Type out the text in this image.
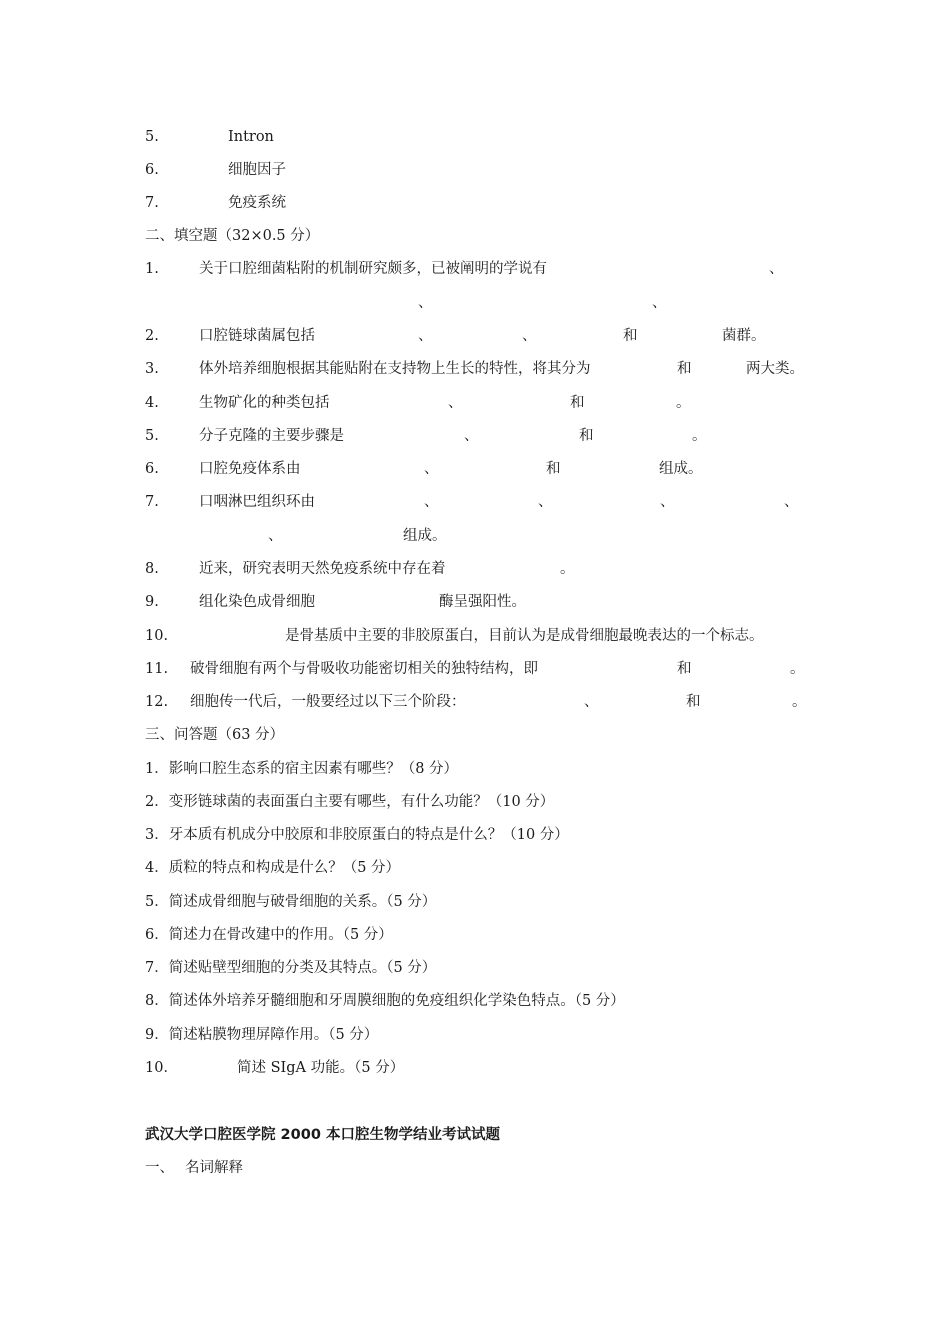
5.	Intron
6.	细胞因子
7.	免疫系统
二、填空题（32×0.5 分）
1.	关于口腔细菌粘附的机制研究颇多，已被阐明的学说有	、
、	、
2.	口腔链球菌属包括	、	、	和	菌群。
3.	体外培养细胞根据其能贴附在支持物上生长的特性，将其分为	和	两大类。
4.	生物矿化的种类包括	、	和	。
5.	分子克隆的主要步骤是	、	和	。
6.	口腔免疫体系由	、	和	组成。
7.	口咽淋巴组织环由	、	、	、	、
、	组成。
8.	近来，研究表明天然免疫系统中存在着	。
9.	组化染色成骨细胞	酶呈强阳性。
10.	是骨基质中主要的非胶原蛋白，目前认为是成骨细胞最晚表达的一个标志。
11. 破骨细胞有两个与骨吸收功能密切相关的独特结构，即	和	。
12. 细胞传一代后，一般要经过以下三个阶段：	、	和	。
三、问答题（63 分）
1．影响口腔生态系的宿主因素有哪些？（8 分）
2．变形链球菌的表面蛋白主要有哪些，有什么功能？（10 分）
3．牙本质有机成分中胶原和非胶原蛋白的特点是什么？（10 分）
4．质粒的特点和构成是什么？（5 分）
5．简述成骨细胞与破骨细胞的关系。（5 分）
6．简述力在骨改建中的作用。（5 分）
7．简述贴壁型细胞的分类及其特点。（5 分）
8．简述体外培养牙髓细胞和牙周膜细胞的免疫组织化学染色特点。（5 分）
9．简述粘膜物理屏障作用。（5 分）
10．	简述 SIgA 功能。（5 分）
武汉大学口腔医学院 2000 本口腔生物学结业考试试题
一、 名词解释
